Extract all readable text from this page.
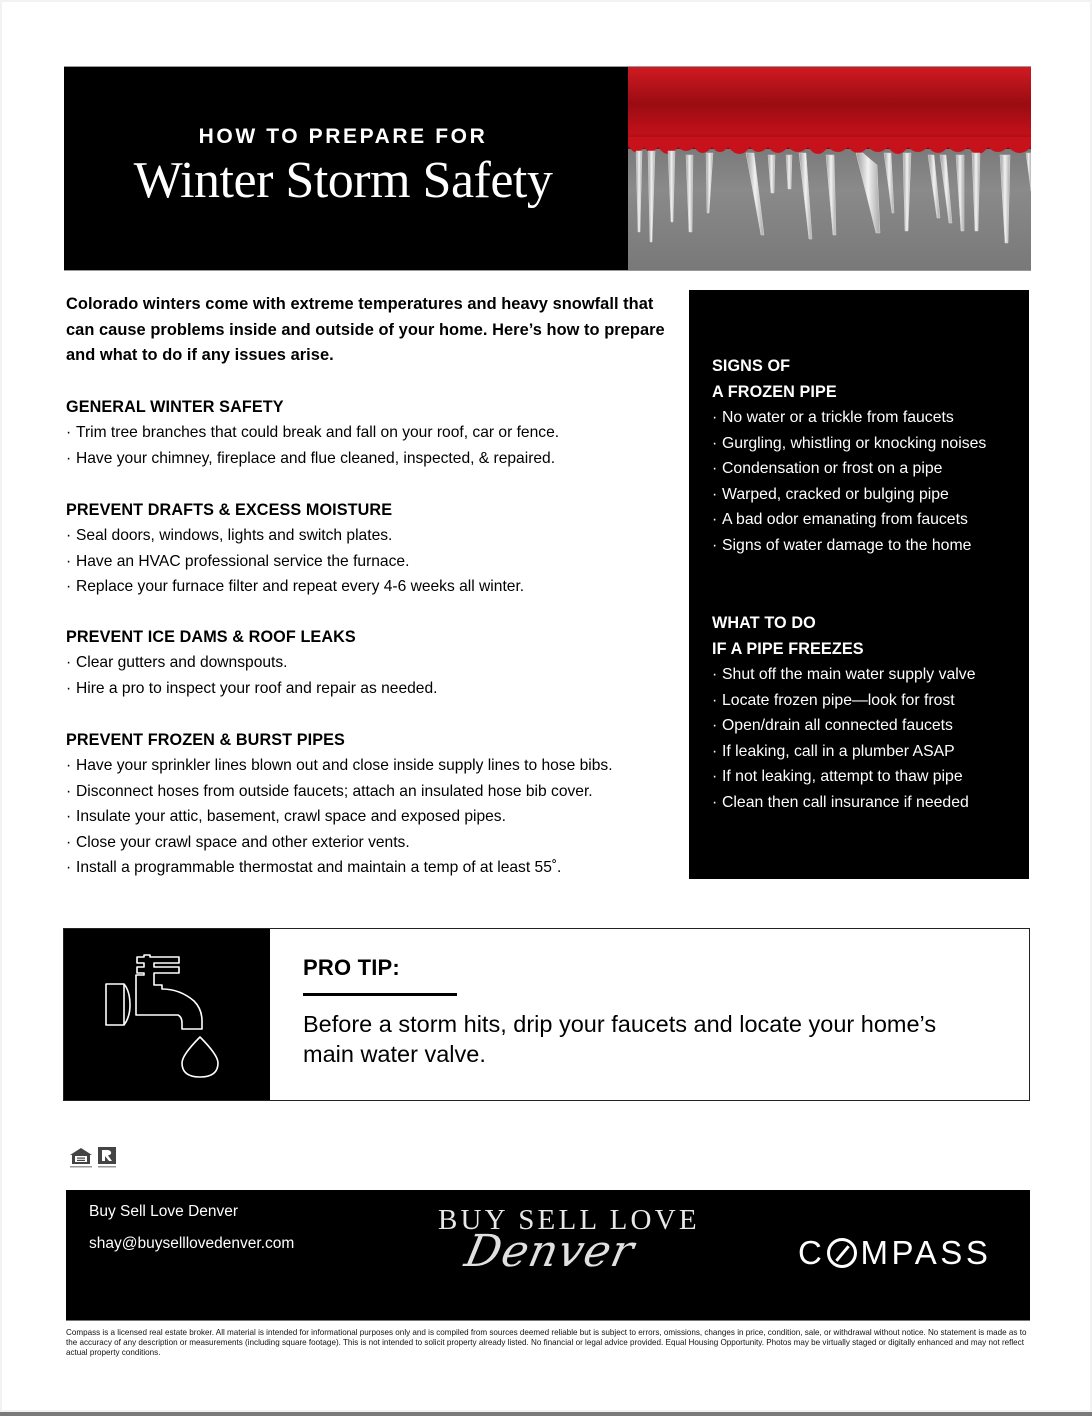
HOW TO PREPARE FOR
Winter Storm Safety
Colorado winters come with extreme temperatures and heavy snowfall that can cause problems inside and outside of your home. Here’s how to prepare and what to do if any issues arise.
GENERAL WINTER SAFETY
· Trim tree branches that could break and fall on your roof, car or fence.
· Have your chimney, fireplace and flue cleaned, inspected, & repaired.
PREVENT DRAFTS & EXCESS MOISTURE
· Seal doors, windows, lights and switch plates.
· Have an HVAC professional service the furnace.
· Replace your furnace filter and repeat every 4-6 weeks all winter.
PREVENT ICE DAMS & ROOF LEAKS
· Clear gutters and downspouts.
· Hire a pro to inspect your roof and repair as needed.
PREVENT FROZEN & BURST PIPES
· Have your sprinkler lines blown out and close inside supply lines to hose bibs.
· Disconnect hoses from outside faucets; attach an insulated hose bib cover.
· Insulate your attic, basement, crawl space and exposed pipes.
· Close your crawl space and other exterior vents.
· Install a programmable thermostat and maintain a temp of at least 55˚.
SIGNS OF
A FROZEN PIPE
· No water or a trickle from faucets
· Gurgling, whistling or knocking noises
· Condensation or frost on a pipe
· Warped, cracked or bulging pipe
· A bad odor emanating from faucets
· Signs of water damage to the home
WHAT TO DO
IF A PIPE FREEZES
· Shut off the main water supply valve
· Locate frozen pipe—look for frost
· Open/drain all connected faucets
· If leaking, call in a plumber ASAP
· If not leaking, attempt to thaw pipe
· Clean then call insurance if needed
PRO TIP:
Before a storm hits, drip your faucets and locate your home’s main water valve.
Buy Sell Love Denver
shay@buyselllovedenver.com
BUY SELL LOVE
Denver	C MPASS
Compass is a licensed real estate broker. All material is intended for informational purposes only and is compiled from sources deemed reliable but is subject to errors, omissions, changes in price, condition, sale, or withdrawal without notice. No statement is made as to the accuracy of any description or measurements (including square footage). This is not intended to solicit property already listed. No financial or legal advice provided. Equal Housing Opportunity. Photos may be virtually staged or digitally enhanced and may not reflect actual property conditions.
